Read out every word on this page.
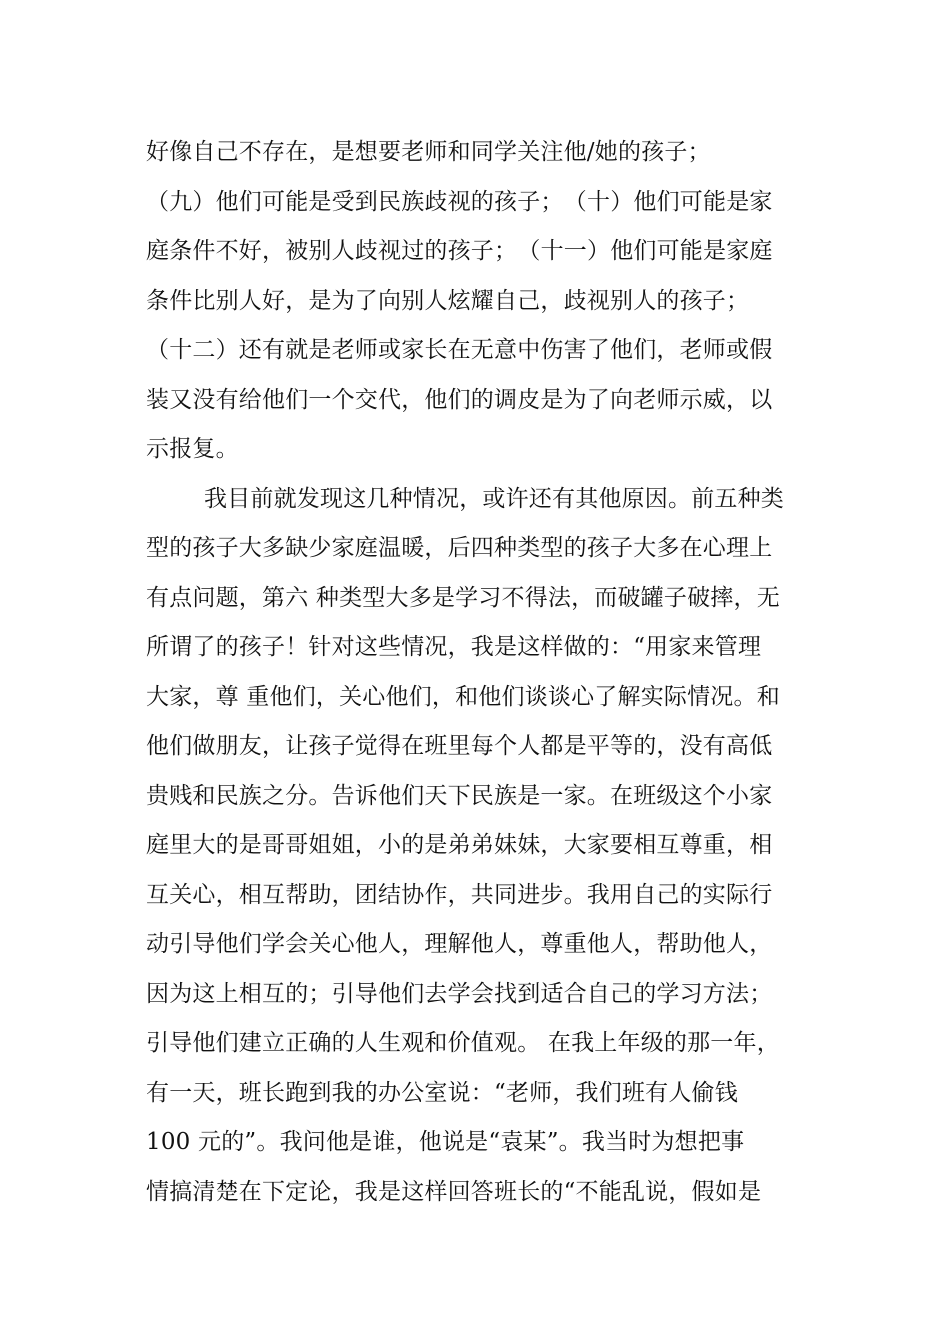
好像自己不存在，是想要老师和同学关注他/她的孩子；
（九）他们可能是受到民族歧视的孩子；　（十）他们可能是家
庭条件不好，被别人歧视过的孩子；　（十一）他们可能是家庭
条件比别人好，是为了向别人炫耀自己，歧视别人的孩子；
（十二）还有就是老师或家长在无意中伤害了他们，老师或假
装又没有给他们一个交代，他们的调皮是为了向老师示威，以
示报复。
我目前就发现这几种情况，或许还有其他原因。前五种类
型的孩子大多缺少家庭温暖，后四种类型的孩子大多在心理上
有点问题，第六 种类型大多是学习不得法，而破罐子破摔，无
所谓了的孩子！针对这些情况，我是这样做的：“用家来管理
大家，尊 重他们，关心他们，和他们谈谈心了解实际情况。和
他们做朋友，让孩子觉得在班里每个人都是平等的，没有高低
贵贱和民族之分。告诉他们天下民族是一家。在班级这个小家
庭里大的是哥哥姐姐，小的是弟弟妹妹，大家要相互尊重，相
互关心，相互帮助，团结协作，共同进步。我用自己的实际行
动引导他们学会关心他人，理解他人，尊重他人，帮助他人，
因为这上相互的；引导他们去学会找到适合自己的学习方法；
引导他们建立正确的人生观和价值观。 在我上年级的那一年，
有一天，班长跑到我的办公室说：“老师，我们班有人偷钱
100 元的”。我问他是谁，他说是“袁某”。我当时为想把事
情搞清楚在下定论，我是这样回答班长的“不能乱说，假如是
